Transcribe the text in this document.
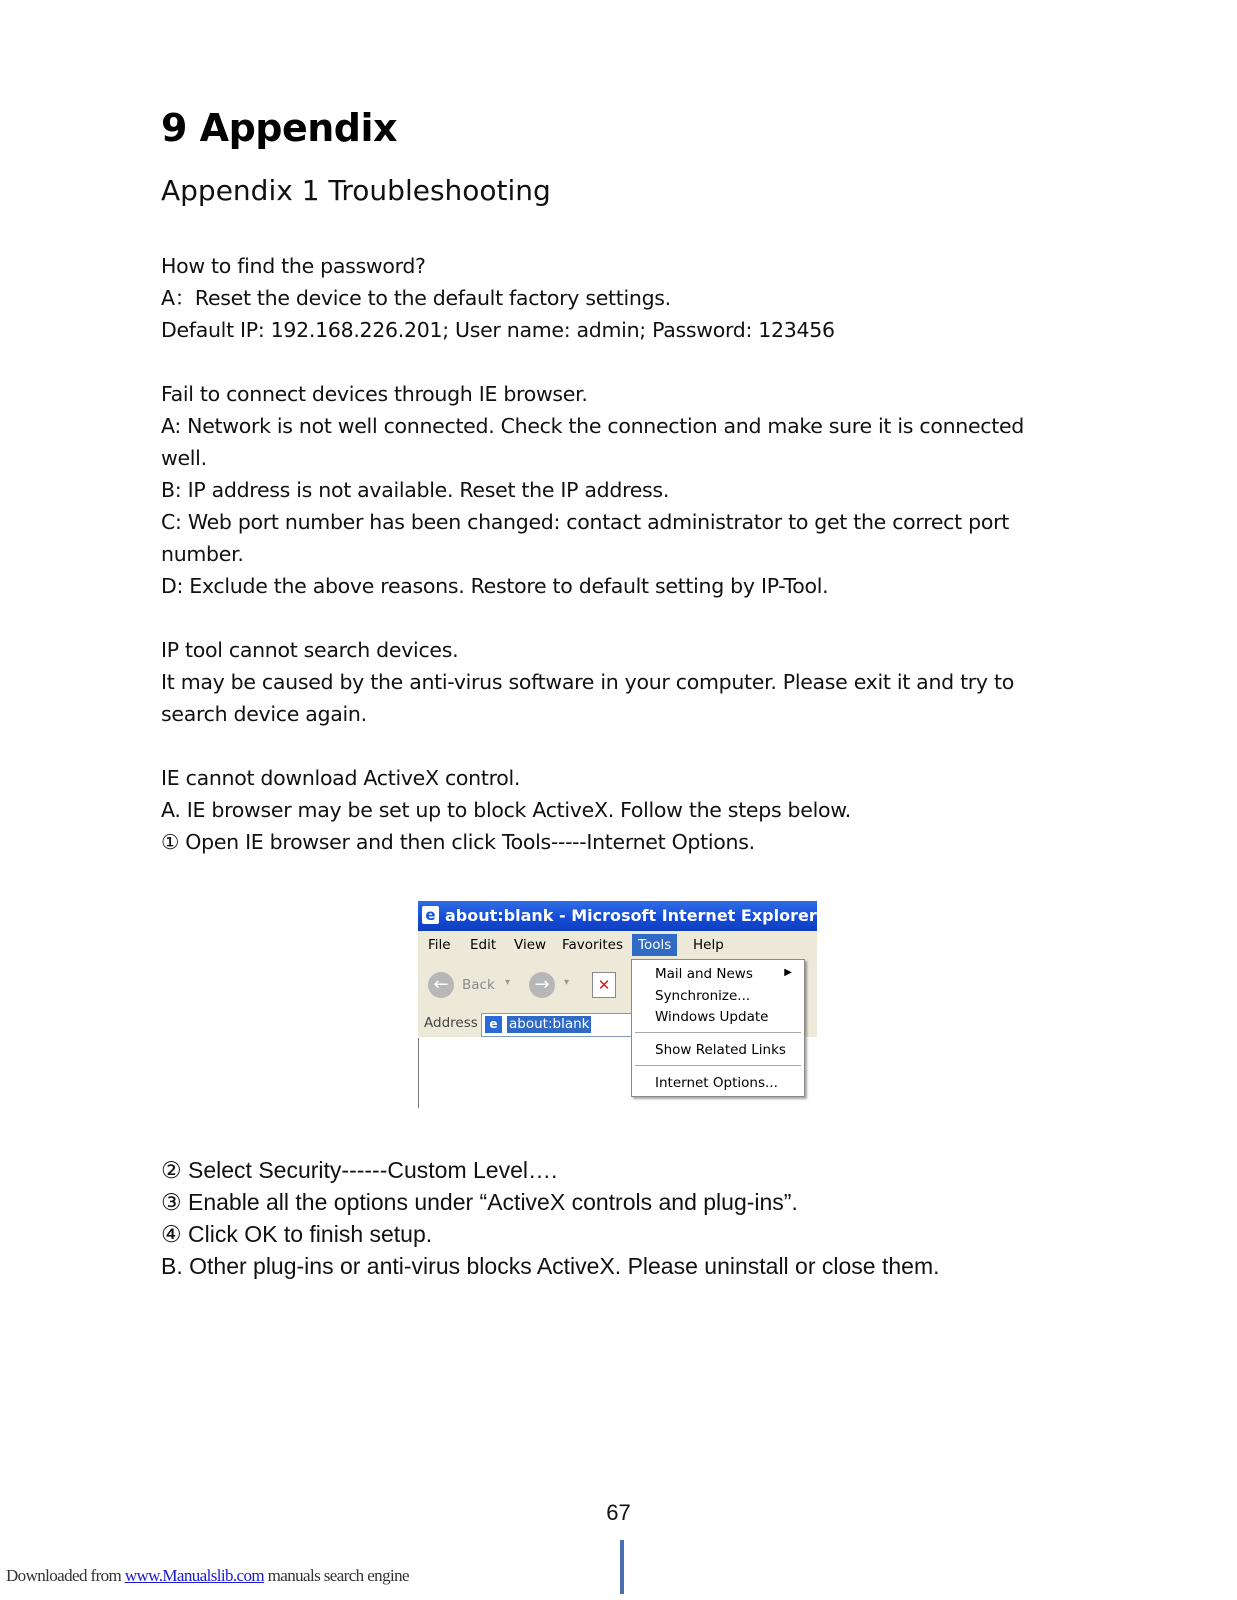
9 Appendix
Appendix 1 Troubleshooting

How to find the password?

A：Reset the device to the default factory settings.

Default IP: 192.168.226.201; User name: admin; Password: 123456

Fail to connect devices through IE browser.

A: Network is not well connected. Check the connection and make sure it is connected well.

B: IP address is not available. Reset the IP address.

C: Web port number has been changed: contact administrator to get the correct port number.

D: Exclude the above reasons. Restore to default setting by IP-Tool.

IP tool cannot search devices.

It may be caused by the anti-virus software in your computer. Please exit it and try to search device again.

IE cannot download ActiveX control.

A. IE browser may be set up to block ActiveX. Follow the steps below.

① Open IE browser and then click Tools-----Internet Options.

e about:blank - Microsoft Internet Explorer
File Edit View Favorites	Tools	Help
← Back ▾	→	▾	✕
Address e about:blank
Mail and News	▶
Synchronize...
Windows Update
Show Related Links
Internet Options...

② Select Security------Custom Level….

③ Enable all the options under “ActiveX controls and plug-ins”.

④ Click OK to finish setup.

B. Other plug-ins or anti-virus blocks ActiveX. Please uninstall or close them.

67
Downloaded from www.Manualslib.com manuals search engine
